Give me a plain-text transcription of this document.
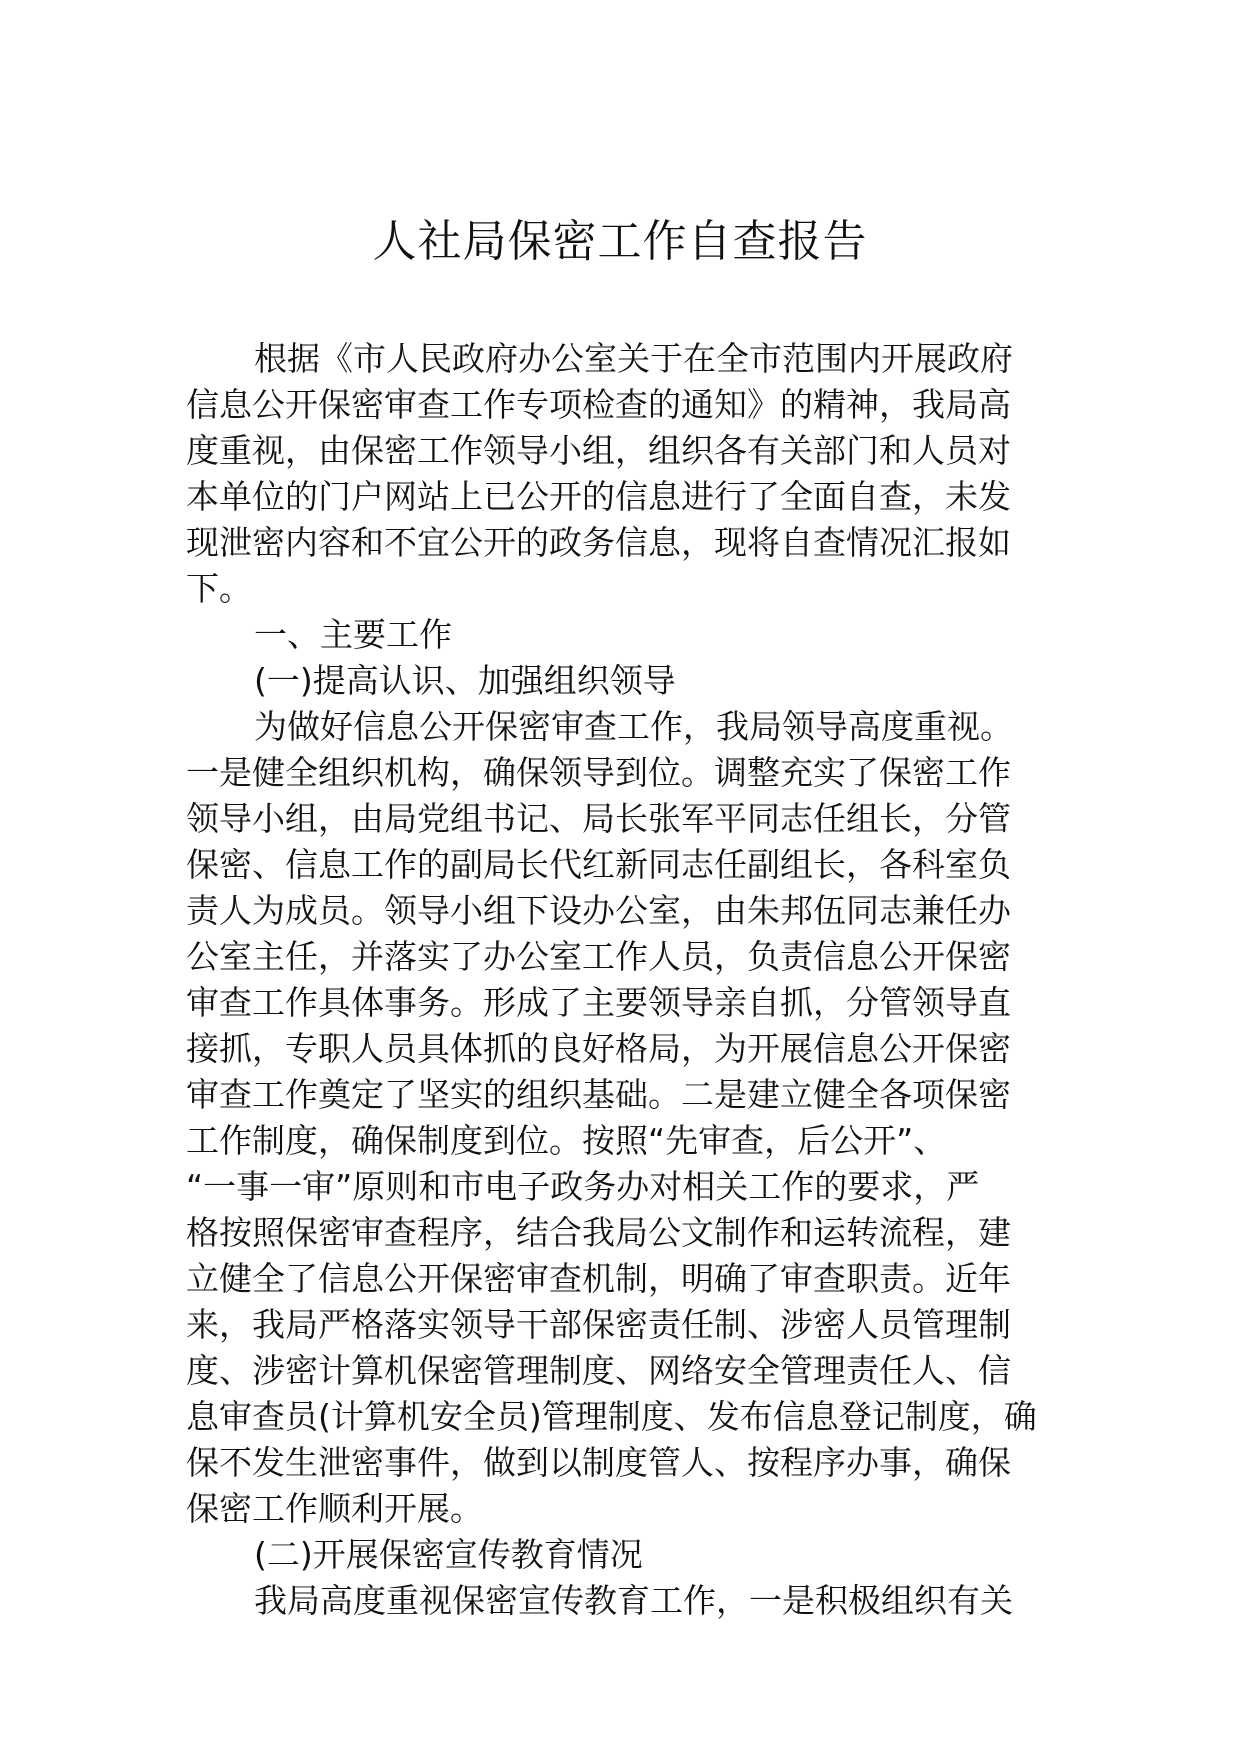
人社局保密工作自查报告
根据《市人民政府办公室关于在全市范围内开展政府
信息公开保密审查工作专项检查的通知》的精神，我局高
度重视，由保密工作领导小组，组织各有关部门和人员对
本单位的门户网站上已公开的信息进行了全面自查，未发
现泄密内容和不宜公开的政务信息，现将自查情况汇报如
下。
一、主要工作
(一)提高认识、加强组织领导
为做好信息公开保密审查工作，我局领导高度重视。
一是健全组织机构，确保领导到位。调整充实了保密工作
领导小组，由局党组书记、局长张军平同志任组长，分管
保密、信息工作的副局长代红新同志任副组长，各科室负
责人为成员。领导小组下设办公室，由朱邦伍同志兼任办
公室主任，并落实了办公室工作人员，负责信息公开保密
审查工作具体事务。形成了主要领导亲自抓，分管领导直
接抓，专职人员具体抓的良好格局，为开展信息公开保密
审查工作奠定了坚实的组织基础。二是建立健全各项保密
工作制度，确保制度到位。按照“先审查，后公开”、
“一事一审”原则和市电子政务办对相关工作的要求，严
格按照保密审查程序，结合我局公文制作和运转流程，建
立健全了信息公开保密审查机制，明确了审查职责。近年
来，我局严格落实领导干部保密责任制、涉密人员管理制
度、涉密计算机保密管理制度、网络安全管理责任人、信
息审查员(计算机安全员)管理制度、发布信息登记制度，确
保不发生泄密事件，做到以制度管人、按程序办事，确保
保密工作顺利开展。
(二)开展保密宣传教育情况
我局高度重视保密宣传教育工作，一是积极组织有关
